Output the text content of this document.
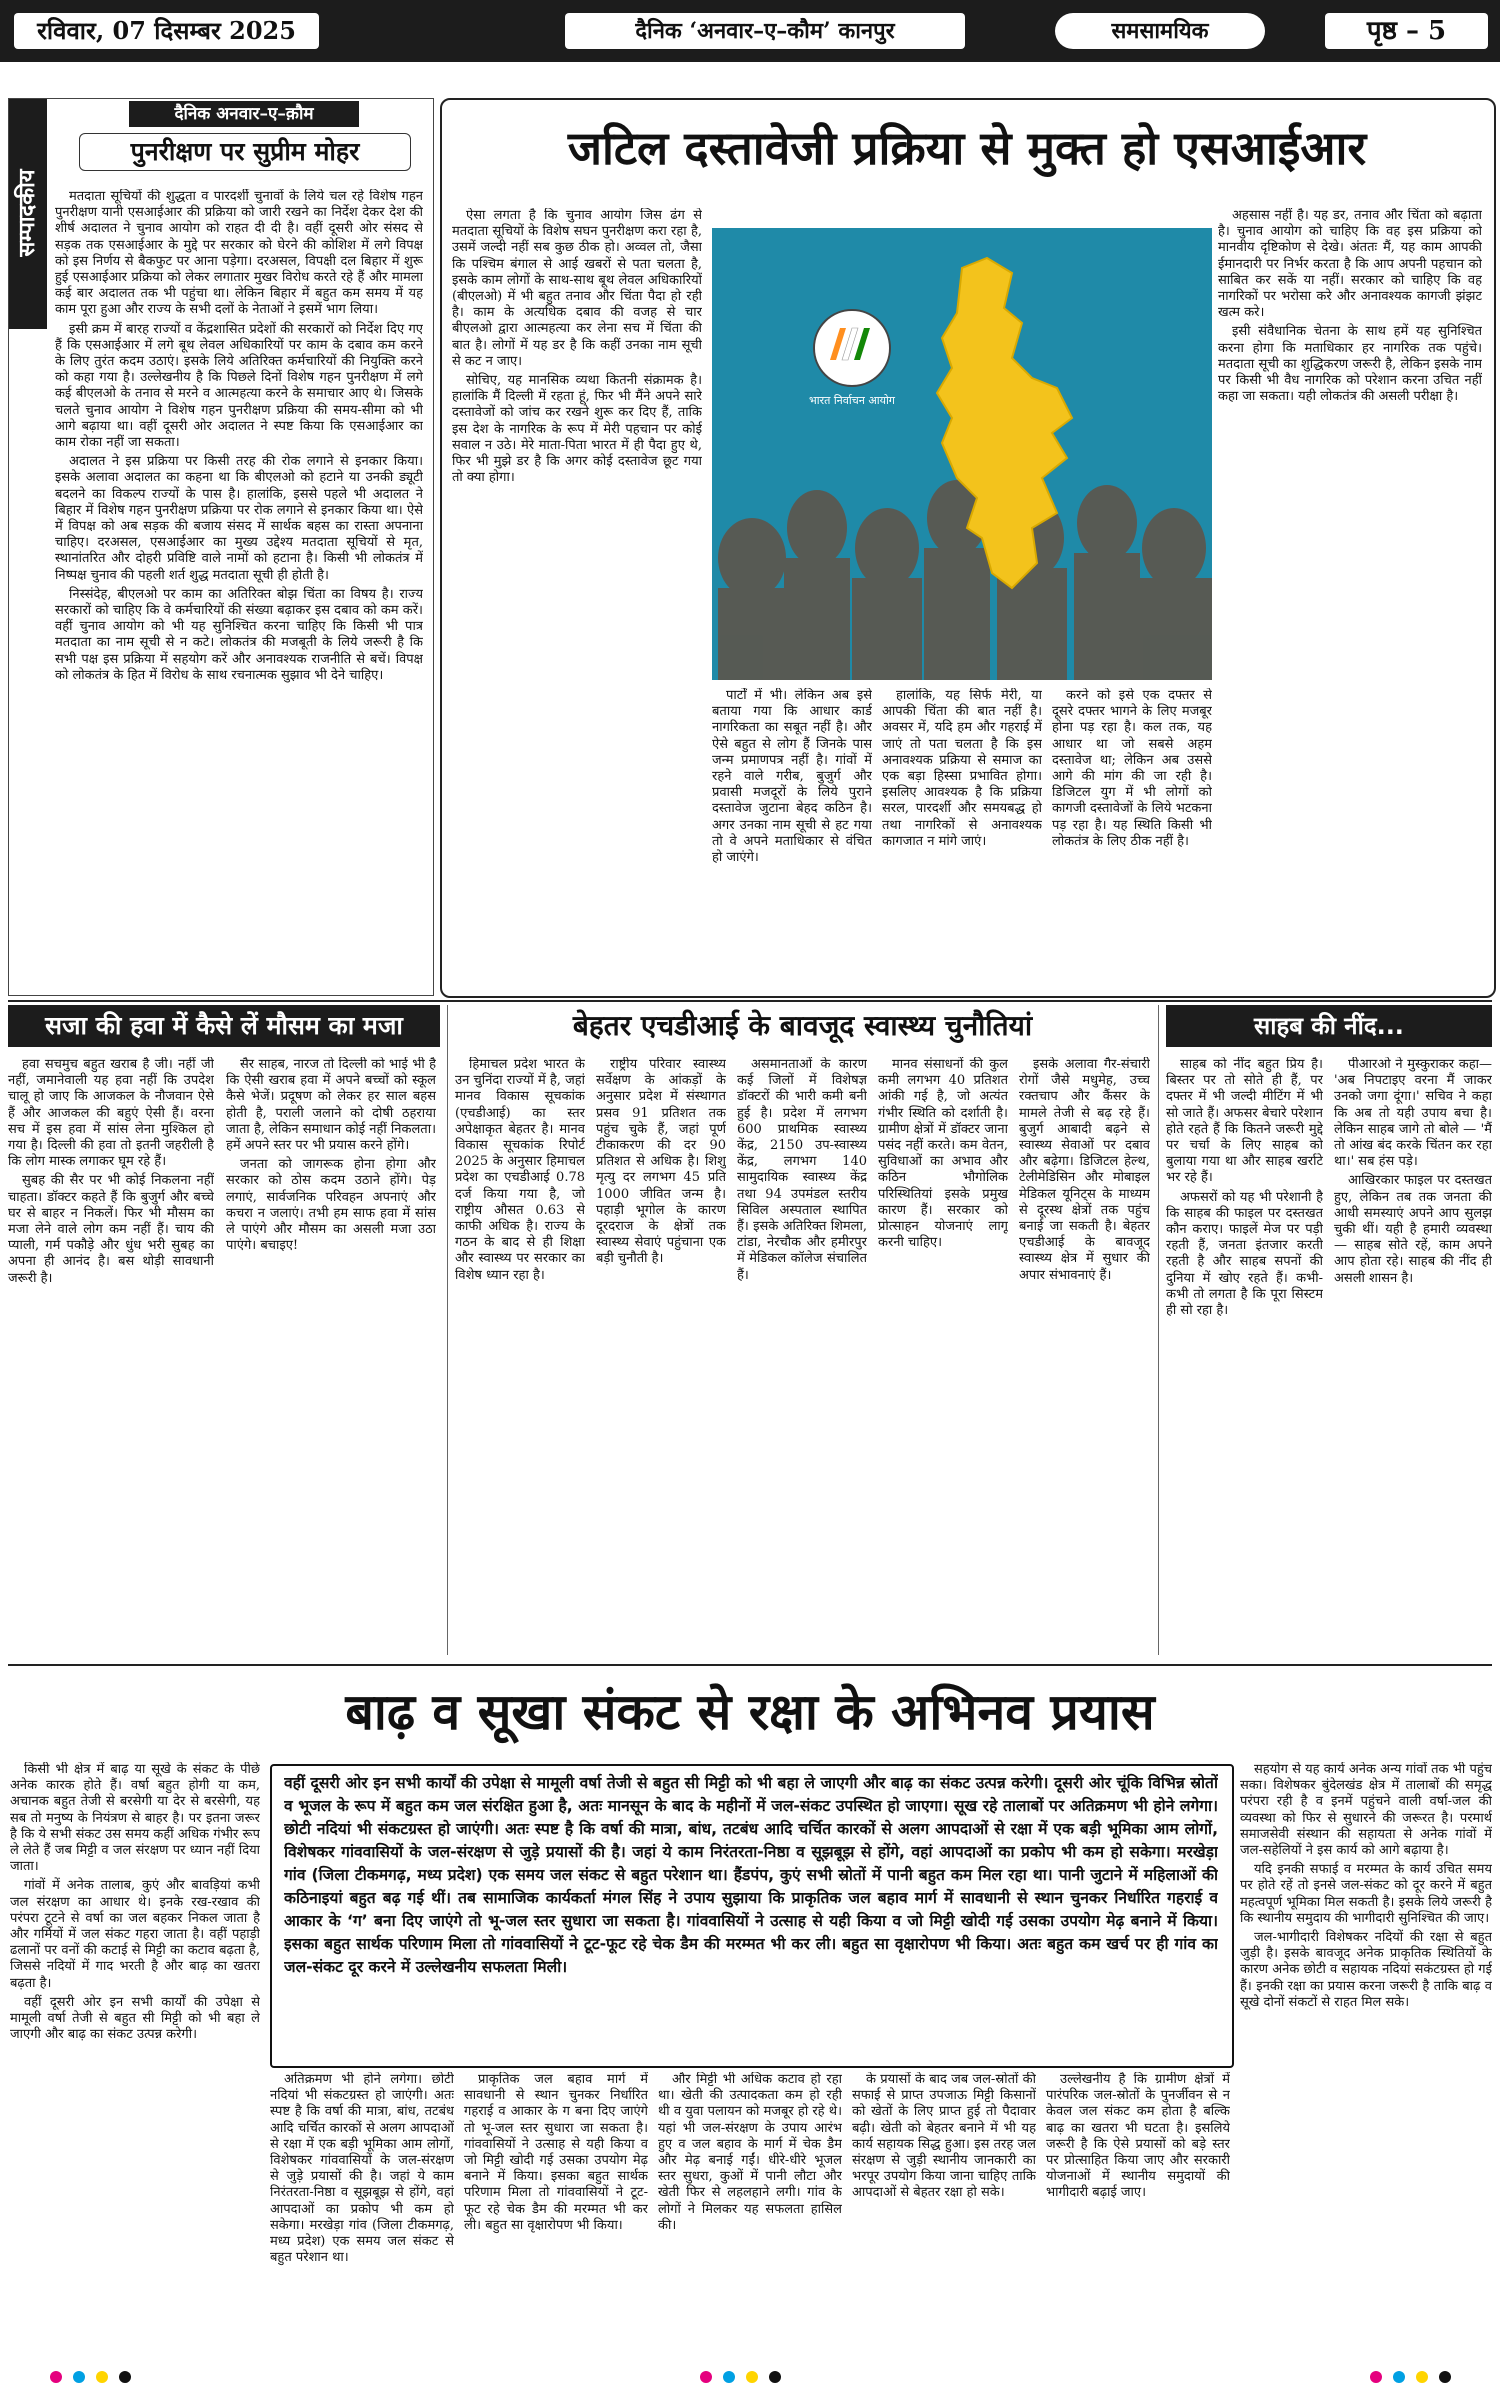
रविवार, 07 दिसम्बर 2025	दैनिक ‘अनवार–ए–कौम’ कानपुर	समसामयिक	पृष्ठ – 5
सम्पादकीय
दैनिक अनवार–ए–क़ौम
पुनरीक्षण पर सुप्रीम मोहर

मतदाता सूचियों की शुद्धता व पारदर्शी चुनावों के लिये चल रहे विशेष गहन पुनरीक्षण यानी एसआईआर की प्रक्रिया को जारी रखने का निर्देश देकर देश की शीर्ष अदालत ने चुनाव आयोग को राहत दी दी है। वहीं दूसरी ओर संसद से सड़क तक एसआईआर के मुद्दे पर सरकार को घेरने की कोशिश में लगे विपक्ष को इस निर्णय से बैकफुट पर आना पड़ेगा। दरअसल, विपक्षी दल बिहार में शुरू हुई एसआईआर प्रक्रिया को लेकर लगातार मुखर विरोध करते रहे हैं और मामला कई बार अदालत तक भी पहुंचा था। लेकिन बिहार में बहुत कम समय में यह काम पूरा हुआ और राज्य के सभी दलों के नेताओं ने इसमें भाग लिया।

इसी क्रम में बारह राज्यों व केंद्रशासित प्रदेशों की सरकारों को निर्देश दिए गए हैं कि एसआईआर में लगे बूथ लेवल अधिकारियों पर काम के दबाव कम करने के लिए तुरंत कदम उठाएं। इसके लिये अतिरिक्त कर्मचारियों की नियुक्ति करने को कहा गया है। उल्लेखनीय है कि पिछले दिनों विशेष गहन पुनरीक्षण में लगे कई बीएलओ के तनाव से मरने व आत्महत्या करने के समाचार आए थे। जिसके चलते चुनाव आयोग ने विशेष गहन पुनरीक्षण प्रक्रिया की समय-सीमा को भी आगे बढ़ाया था। वहीं दूसरी ओर अदालत ने स्पष्ट किया कि एसआईआर का काम रोका नहीं जा सकता।

अदालत ने इस प्रक्रिया पर किसी तरह की रोक लगाने से इनकार किया। इसके अलावा अदालत का कहना था कि बीएलओ को हटाने या उनकी ड्यूटी बदलने का विकल्प राज्यों के पास है। हालांकि, इससे पहले भी अदालत ने बिहार में विशेष गहन पुनरीक्षण प्रक्रिया पर रोक लगाने से इनकार किया था। ऐसे में विपक्ष को अब सड़क की बजाय संसद में सार्थक बहस का रास्ता अपनाना चाहिए। दरअसल, एसआईआर का मुख्य उद्देश्य मतदाता सूचियों से मृत, स्थानांतरित और दोहरी प्रविष्टि वाले नामों को हटाना है। किसी भी लोकतंत्र में निष्पक्ष चुनाव की पहली शर्त शुद्ध मतदाता सूची ही होती है।

निस्संदेह, बीएलओ पर काम का अतिरिक्त बोझ चिंता का विषय है। राज्य सरकारों को चाहिए कि वे कर्मचारियों की संख्या बढ़ाकर इस दबाव को कम करें। वहीं चुनाव आयोग को भी यह सुनिश्चित करना चाहिए कि किसी भी पात्र मतदाता का नाम सूची से न कटे। लोकतंत्र की मजबूती के लिये जरूरी है कि सभी पक्ष इस प्रक्रिया में सहयोग करें और अनावश्यक राजनीति से बचें। विपक्ष को लोकतंत्र के हित में विरोध के साथ रचनात्मक सुझाव भी देने चाहिए।

जटिल दस्तावेजी प्रक्रिया से मुक्त हो एसआईआर

ऐसा लगता है कि चुनाव आयोग जिस ढंग से मतदाता सूचियों के विशेष सघन पुनरीक्षण करा रहा है, उसमें जल्दी नहीं सब कुछ ठीक हो। अव्वल तो, जैसा कि पश्चिम बंगाल से आई खबरों से पता चलता है, इसके काम लोगों के साथ-साथ बूथ लेवल अधिकारियों (बीएलओ) में भी बहुत तनाव और चिंता पैदा हो रही है। काम के अत्यधिक दबाव की वजह से चार बीएलओ द्वारा आत्महत्या कर लेना सच में चिंता की बात है। लोगों में यह डर है कि कहीं उनका नाम सूची से कट न जाए।

सोचिए, यह मानसिक व्यथा कितनी संक्रामक है। हालांकि मैं दिल्ली में रहता हूं, फिर भी मैंने अपने सारे दस्तावेजों को जांच कर रखने शुरू कर दिए हैं, ताकि इस देश के नागरिक के रूप में मेरी पहचान पर कोई सवाल न उठे। मेरे माता-पिता भारत में ही पैदा हुए थे, फिर भी मुझे डर है कि अगर कोई दस्तावेज छूट गया तो क्या होगा।

भारत निर्वाचन आयोग

अहसास नहीं है। यह डर, तनाव और चिंता को बढ़ाता है। चुनाव आयोग को चाहिए कि वह इस प्रक्रिया को मानवीय दृष्टिकोण से देखे। अंततः मैं, यह काम आपकी ईमानदारी पर निर्भर करता है कि आप अपनी पहचान को साबित कर सकें या नहीं। सरकार को चाहिए कि वह नागरिकों पर भरोसा करे और अनावश्यक कागजी झंझट खत्म करे।

इसी संवैधानिक चेतना के साथ हमें यह सुनिश्चित करना होगा कि मताधिकार हर नागरिक तक पहुंचे। मतदाता सूची का शुद्धिकरण जरूरी है, लेकिन इसके नाम पर किसी भी वैध नागरिक को परेशान करना उचित नहीं कहा जा सकता। यही लोकतंत्र की असली परीक्षा है।

पार्टों में भी। लेकिन अब इसे बताया गया कि आधार कार्ड नागरिकता का सबूत नहीं है। और ऐसे बहुत से लोग हैं जिनके पास जन्म प्रमाणपत्र नहीं है। गांवों में रहने वाले गरीब, बुजुर्ग और प्रवासी मजदूरों के लिये पुराने दस्तावेज जुटाना बेहद कठिन है। अगर उनका नाम सूची से हट गया तो वे अपने मताधिकार से वंचित हो जाएंगे।

हालांकि, यह सिर्फ मेरी, या आपकी चिंता की बात नहीं है। अवसर में, यदि हम और गहराई में जाएं तो पता चलता है कि इस अनावश्यक प्रक्रिया से समाज का एक बड़ा हिस्सा प्रभावित होगा। इसलिए आवश्यक है कि प्रक्रिया सरल, पारदर्शी और समयबद्ध हो तथा नागरिकों से अनावश्यक कागजात न मांगे जाएं।

करने को इसे एक दफ्तर से दूसरे दफ्तर भागने के लिए मजबूर होना पड़ रहा है। कल तक, यह आधार था जो सबसे अहम दस्तावेज था; लेकिन अब उससे आगे की मांग की जा रही है। डिजिटल युग में भी लोगों को कागजी दस्तावेजों के लिये भटकना पड़ रहा है। यह स्थिति किसी भी लोकतंत्र के लिए ठीक नहीं है।

सजा की हवा में कैसे लें मौसम का मजा

हवा सचमुच बहुत खराब है जी। नहीं जी नहीं, जमानेवाली यह हवा नहीं कि उपदेश चालू हो जाए कि आजकल के नौजवान ऐसे हैं और आजकल की बहुएं ऐसी हैं। वरना सच में इस हवा में सांस लेना मुश्किल हो गया है। दिल्ली की हवा तो इतनी जहरीली है कि लोग मास्क लगाकर घूम रहे हैं।

सुबह की सैर पर भी कोई निकलना नहीं चाहता। डॉक्टर कहते हैं कि बुजुर्ग और बच्चे घर से बाहर न निकलें। फिर भी मौसम का मजा लेने वाले लोग कम नहीं हैं। चाय की प्याली, गर्म पकौड़े और धुंध भरी सुबह का अपना ही आनंद है। बस थोड़ी सावधानी जरूरी है।

सैर साहब, नारज तो दिल्ली को भाई भी है कि ऐसी खराब हवा में अपने बच्चों को स्कूल कैसे भेजें। प्रदूषण को लेकर हर साल बहस होती है, पराली जलाने को दोषी ठहराया जाता है, लेकिन समाधान कोई नहीं निकलता। हमें अपने स्तर पर भी प्रयास करने होंगे।

जनता को जागरूक होना होगा और सरकार को ठोस कदम उठाने होंगे। पेड़ लगाएं, सार्वजनिक परिवहन अपनाएं और कचरा न जलाएं। तभी हम साफ हवा में सांस ले पाएंगे और मौसम का असली मजा उठा पाएंगे। बचाइए!

बेहतर एचडीआई के बावजूद स्वास्थ्य चुनौतियां

हिमाचल प्रदेश भारत के उन चुनिंदा राज्यों में है, जहां मानव विकास सूचकांक (एचडीआई) का स्तर अपेक्षाकृत बेहतर है। मानव विकास सूचकांक रिपोर्ट 2025 के अनुसार हिमाचल प्रदेश का एचडीआई 0.78 दर्ज किया गया है, जो राष्ट्रीय औसत 0.63 से काफी अधिक है। राज्य के गठन के बाद से ही शिक्षा और स्वास्थ्य पर सरकार का विशेष ध्यान रहा है।

राष्ट्रीय परिवार स्वास्थ्य सर्वेक्षण के आंकड़ों के अनुसार प्रदेश में संस्थागत प्रसव 91 प्रतिशत तक पहुंच चुके हैं, जहां पूर्ण टीकाकरण की दर 90 प्रतिशत से अधिक है। शिशु मृत्यु दर लगभग 45 प्रति 1000 जीवित जन्म है। पहाड़ी भूगोल के कारण दूरदराज के क्षेत्रों तक स्वास्थ्य सेवाएं पहुंचाना एक बड़ी चुनौती है।

असमानताओं के कारण कई जिलों में विशेषज्ञ डॉक्टरों की भारी कमी बनी हुई है। प्रदेश में लगभग 600 प्राथमिक स्वास्थ्य केंद्र, 2150 उप-स्वास्थ्य केंद्र, लगभग 140 सामुदायिक स्वास्थ्य केंद्र तथा 94 उपमंडल स्तरीय सिविल अस्पताल स्थापित हैं। इसके अतिरिक्त शिमला, टांडा, नेरचौक और हमीरपुर में मेडिकल कॉलेज संचालित हैं।

मानव संसाधनों की कुल कमी लगभग 40 प्रतिशत आंकी गई है, जो अत्यंत गंभीर स्थिति को दर्शाती है। ग्रामीण क्षेत्रों में डॉक्टर जाना पसंद नहीं करते। कम वेतन, सुविधाओं का अभाव और कठिन भौगोलिक परिस्थितियां इसके प्रमुख कारण हैं। सरकार को प्रोत्साहन योजनाएं लागू करनी चाहिए।

इसके अलावा गैर-संचारी रोगों जैसे मधुमेह, उच्च रक्तचाप और कैंसर के मामले तेजी से बढ़ रहे हैं। बुजुर्ग आबादी बढ़ने से स्वास्थ्य सेवाओं पर दबाव और बढ़ेगा। डिजिटल हेल्थ, टेलीमेडिसिन और मोबाइल मेडिकल यूनिट्स के माध्यम से दूरस्थ क्षेत्रों तक पहुंच बनाई जा सकती है। बेहतर एचडीआई के बावजूद स्वास्थ्य क्षेत्र में सुधार की अपार संभावनाएं हैं।

साहब की नींद...

साहब को नींद बहुत प्रिय है। बिस्तर पर तो सोते ही हैं, पर दफ्तर में भी जल्दी मीटिंग में भी सो जाते हैं। अफसर बेचारे परेशान होते रहते हैं कि कितने जरूरी मुद्दे पर चर्चा के लिए साहब को बुलाया गया था और साहब खर्राटे भर रहे हैं।

अफसरों को यह भी परेशानी है कि साहब की फाइल पर दस्तखत कौन कराए। फाइलें मेज पर पड़ी रहती हैं, जनता इंतजार करती रहती है और साहब सपनों की दुनिया में खोए रहते हैं। कभी-कभी तो लगता है कि पूरा सिस्टम ही सो रहा है।

पीआरओ ने मुस्कुराकर कहा— 'अब निपटाइए वरना मैं जाकर उनको जगा दूंगा।' सचिव ने कहा कि अब तो यही उपाय बचा है। लेकिन साहब जागे तो बोले — 'मैं तो आंख बंद करके चिंतन कर रहा था।' सब हंस पड़े।

आखिरकार फाइल पर दस्तखत हुए, लेकिन तब तक जनता की आधी समस्याएं अपने आप सुलझ चुकी थीं। यही है हमारी व्यवस्था — साहब सोते रहें, काम अपने आप होता रहे। साहब की नींद ही असली शासन है।

बाढ़ व सूखा संकट से रक्षा के अभिनव प्रयास

किसी भी क्षेत्र में बाढ़ या सूखे के संकट के पीछे अनेक कारक होते हैं। वर्षा बहुत होगी या कम, अचानक बहुत तेजी से बरसेगी या देर से बरसेगी, यह सब तो मनुष्य के नियंत्रण से बाहर है। पर इतना जरूर है कि ये सभी संकट उस समय कहीं अधिक गंभीर रूप ले लेते हैं जब मिट्टी व जल संरक्षण पर ध्यान नहीं दिया जाता।

गांवों में अनेक तालाब, कुएं और बावड़ियां कभी जल संरक्षण का आधार थे। इनके रख-रखाव की परंपरा टूटने से वर्षा का जल बहकर निकल जाता है और गर्मियों में जल संकट गहरा जाता है। वहीं पहाड़ी ढलानों पर वनों की कटाई से मिट्टी का कटाव बढ़ता है, जिससे नदियों में गाद भरती है और बाढ़ का खतरा बढ़ता है।

वहीं दूसरी ओर इन सभी कार्यों की उपेक्षा से मामूली वर्षा तेजी से बहुत सी मिट्टी को भी बहा ले जाएगी और बाढ़ का संकट उत्पन्न करेगी।

वहीं दूसरी ओर इन सभी कार्यों की उपेक्षा से मामूली वर्षा तेजी से बहुत सी मिट्टी को भी बहा ले जाएगी और बाढ़ का संकट उत्पन्न करेगी। दूसरी ओर चूंकि विभिन्न स्रोतों व भूजल के रूप में बहुत कम जल संरक्षित हुआ है, अतः मानसून के बाद के महीनों में जल-संकट उपस्थित हो जाएगा। सूख रहे तालाबों पर अतिक्रमण भी होने लगेगा। छोटी नदियां भी संकटग्रस्त हो जाएंगी। अतः स्पष्ट है कि वर्षा की मात्रा, बांध, तटबंध आदि चर्चित कारकों से अलग आपदाओं से रक्षा में एक बड़ी भूमिका आम लोगों, विशेषकर गांववासियों के जल-संरक्षण से जुड़े प्रयासों की है। जहां ये काम निरंतरता-निष्ठा व सूझबूझ से होंगे, वहां आपदाओं का प्रकोप भी कम हो सकेगा। मरखेड़ा गांव (जिला टीकमगढ़, मध्य प्रदेश) एक समय जल संकट से बहुत परेशान था। हैंडपंप, कुएं सभी स्रोतों में पानी बहुत कम मिल रहा था। पानी जुटाने में महिलाओं की कठिनाइयां बहुत बढ़ गई थीं। तब सामाजिक कार्यकर्ता मंगल सिंह ने उपाय सुझाया कि प्राकृतिक जल बहाव मार्ग में सावधानी से स्थान चुनकर निर्धारित गहराई व आकार के ‘ग’ बना दिए जाएंगे तो भू-जल स्तर सुधारा जा सकता है। गांववासियों ने उत्साह से यही किया व जो मिट्टी खोदी गई उसका उपयोग मेढ़ बनाने में किया। इसका बहुत सार्थक परिणाम मिला तो गांववासियों ने टूट-फूट रहे चेक डैम की मरम्मत भी कर ली। बहुत सा वृक्षारोपण भी किया। अतः बहुत कम खर्च पर ही गांव का जल-संकट दूर करने में उल्लेखनीय सफलता मिली।

सहयोग से यह कार्य अनेक अन्य गांवों तक भी पहुंच सका। विशेषकर बुंदेलखंड क्षेत्र में तालाबों की समृद्ध परंपरा रही है व इनमें पहुंचने वाली वर्षा-जल की व्यवस्था को फिर से सुधारने की जरूरत है। परमार्थ समाजसेवी संस्थान की सहायता से अनेक गांवों में जल-सहेलियों ने इस कार्य को आगे बढ़ाया है।

यदि इनकी सफाई व मरम्मत के कार्य उचित समय पर होते रहें तो इनसे जल-संकट को दूर करने में बहुत महत्वपूर्ण भूमिका मिल सकती है। इसके लिये जरूरी है कि स्थानीय समुदाय की भागीदारी सुनिश्चित की जाए।

जल-भागीदारी विशेषकर नदियों की रक्षा से बहुत जुड़ी है। इसके बावजूद अनेक प्राकृतिक स्थितियों के कारण अनेक छोटी व सहायक नदियां सकंटग्रस्त हो गई हैं। इनकी रक्षा का प्रयास करना जरूरी है ताकि बाढ़ व सूखे दोनों संकटों से राहत मिल सके।

अतिक्रमण भी होने लगेगा। छोटी नदियां भी संकटग्रस्त हो जाएंगी। अतः स्पष्ट है कि वर्षा की मात्रा, बांध, तटबंध आदि चर्चित कारकों से अलग आपदाओं से रक्षा में एक बड़ी भूमिका आम लोगों, विशेषकर गांववासियों के जल-संरक्षण से जुड़े प्रयासों की है। जहां ये काम निरंतरता-निष्ठा व सूझबूझ से होंगे, वहां आपदाओं का प्रकोप भी कम हो सकेगा। मरखेड़ा गांव (जिला टीकमगढ़, मध्य प्रदेश) एक समय जल संकट से बहुत परेशान था।

प्राकृतिक जल बहाव मार्ग में सावधानी से स्थान चुनकर निर्धारित गहराई व आकार के ग बना दिए जाएंगे तो भू-जल स्तर सुधारा जा सकता है। गांववासियों ने उत्साह से यही किया व जो मिट्टी खोदी गई उसका उपयोग मेढ़ बनाने में किया। इसका बहुत सार्थक परिणाम मिला तो गांववासियों ने टूट-फूट रहे चेक डैम की मरम्मत भी कर ली। बहुत सा वृक्षारोपण भी किया।

और मिट्टी भी अधिक कटाव हो रहा था। खेती की उत्पादकता कम हो रही थी व युवा पलायन को मजबूर हो रहे थे। यहां भी जल-संरक्षण के उपाय आरंभ हुए व जल बहाव के मार्ग में चेक डैम और मेढ़ बनाई गईं। धीरे-धीरे भूजल स्तर सुधरा, कुओं में पानी लौटा और खेती फिर से लहलहाने लगी। गांव के लोगों ने मिलकर यह सफलता हासिल की।

के प्रयासों के बाद जब जल-स्रोतों की सफाई से प्राप्त उपजाऊ मिट्टी किसानों को खेतों के लिए प्राप्त हुई तो पैदावार बढ़ी। खेती को बेहतर बनाने में भी यह कार्य सहायक सिद्ध हुआ। इस तरह जल संरक्षण से जुड़ी स्थानीय जानकारी का भरपूर उपयोग किया जाना चाहिए ताकि आपदाओं से बेहतर रक्षा हो सके।

उल्लेखनीय है कि ग्रामीण क्षेत्रों में पारंपरिक जल-स्रोतों के पुनर्जीवन से न केवल जल संकट कम होता है बल्कि बाढ़ का खतरा भी घटता है। इसलिये जरूरी है कि ऐसे प्रयासों को बड़े स्तर पर प्रोत्साहित किया जाए और सरकारी योजनाओं में स्थानीय समुदायों की भागीदारी बढ़ाई जाए।
